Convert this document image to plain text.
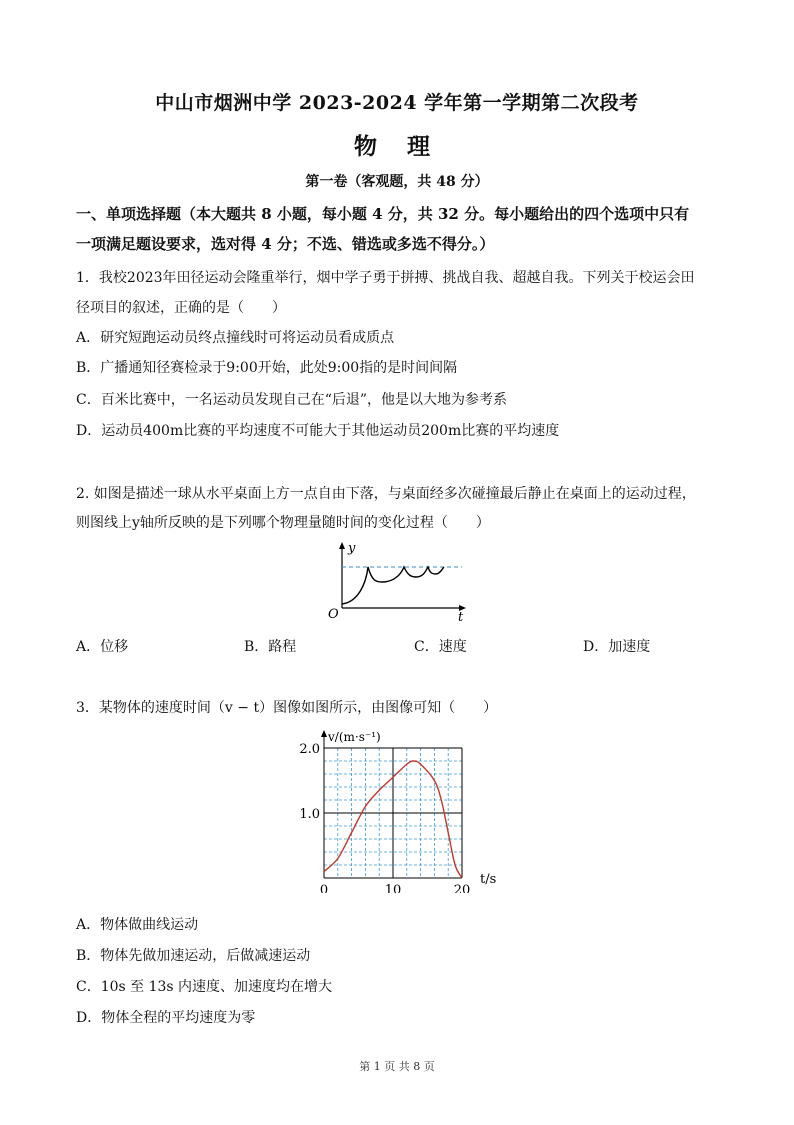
中山市烟洲中学 2023-2024 学年第一学期第二次段考
物理
第一卷（客观题，共 48 分）
一、单项选择题（本大题共 8 小题，每小题 4 分，共 32 分。每小题给出的四个选项中只有
一项满足题设要求，选对得 4 分；不选、错选或多选不得分。）
1．我校2023年田径运动会隆重举行，烟中学子勇于拼搏、挑战自我、超越自我。下列关于校运会田
径项目的叙述，正确的是（　　）
A．研究短跑运动员终点撞线时可将运动员看成质点
B．广播通知径赛检录于9:00开始，此处9:00指的是时间间隔
C．百米比赛中，一名运动员发现自己在“后退”，他是以大地为参考系
D．运动员400m比赛的平均速度不可能大于其他运动员200m比赛的平均速度
2. 如图是描述一球从水平桌面上方一点自由下落，与桌面经多次碰撞最后静止在桌面上的运动过程，
则图线上y轴所反映的是下列哪个物理量随时间的变化过程（　　）
y
t
O
A．位移	B．路程	C．速度	D．加速度
3．某物体的速度时间（v − t）图像如图所示，由图像可知（　　）
0	10	20
1.0
2.0
v/(m·s⁻¹)
t/s
A．物体做曲线运动
B．物体先做加速运动，后做减速运动
C．10s 至 13s 内速度、加速度均在增大
D．物体全程的平均速度为零
第 1 页 共 8 页
